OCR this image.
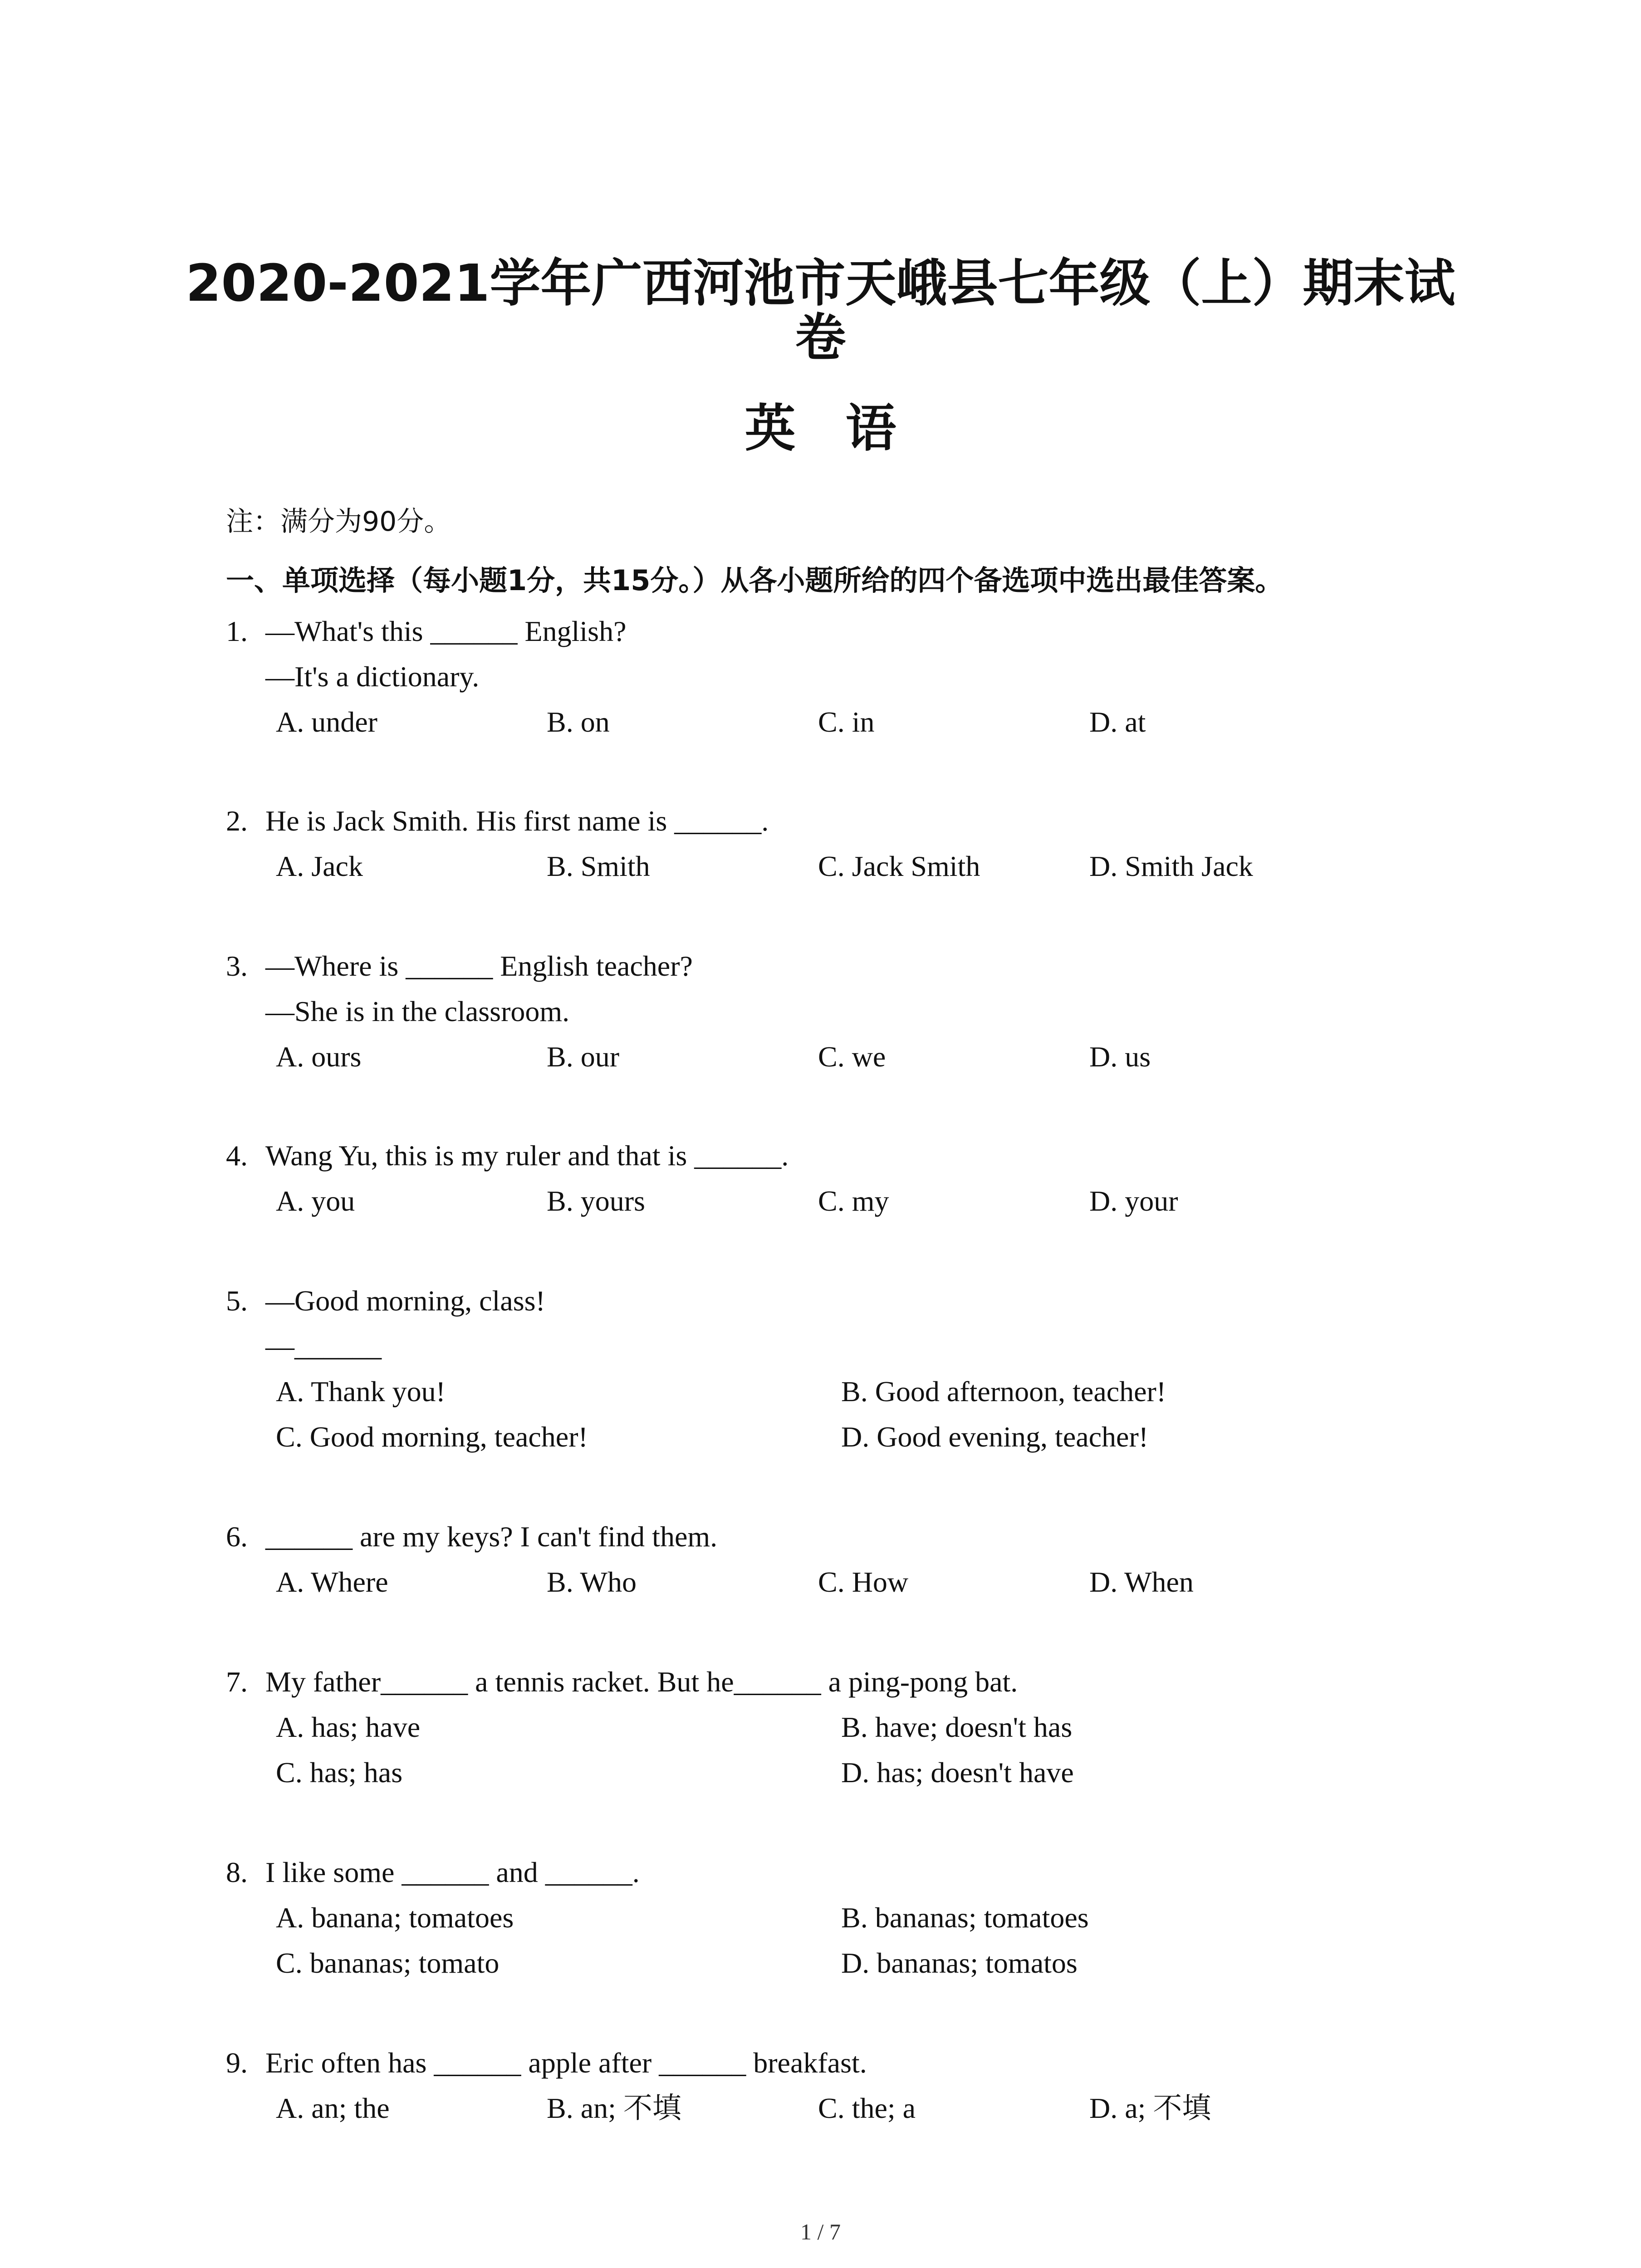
2020-2021学年广西河池市天峨县七年级（上）期末试
卷
英语
注：满分为90分。
一、单项选择（每小题1分，共15分。）从各小题所给的四个备选项中选出最佳答案。
1. —What's this ______ English?
—It's a dictionary.
A. under	B. on	C. in	D. at
2. He is Jack Smith. His first name is ______.
A. Jack	B. Smith	C. Jack Smith	D. Smith Jack
3. —Where is ______ English teacher?
—She is in the classroom.
A. ours	B. our	C. we	D. us
4. Wang Yu, this is my ruler and that is ______.
A. you	B. yours	C. my	D. your
5. —Good morning, class!
—______
A. Thank you!	B. Good afternoon, teacher!
C. Good morning, teacher!	D. Good evening, teacher!
6. ______ are my keys? I can't find them.
A. Where	B. Who	C. How	D. When
7. My father______ a tennis racket. But he______ a ping-pong bat.
A. has; have	B. have; doesn't has
C. has; has	D. has; doesn't have
8. I like some ______ and ______.
A. banana; tomatoes	B. bananas; tomatoes
C. bananas; tomato	D. bananas; tomatos
9. Eric often has ______ apple after ______ breakfast.
A. an; the	B. an; 不填	C. the; a	D. a; 不填
1 / 7
